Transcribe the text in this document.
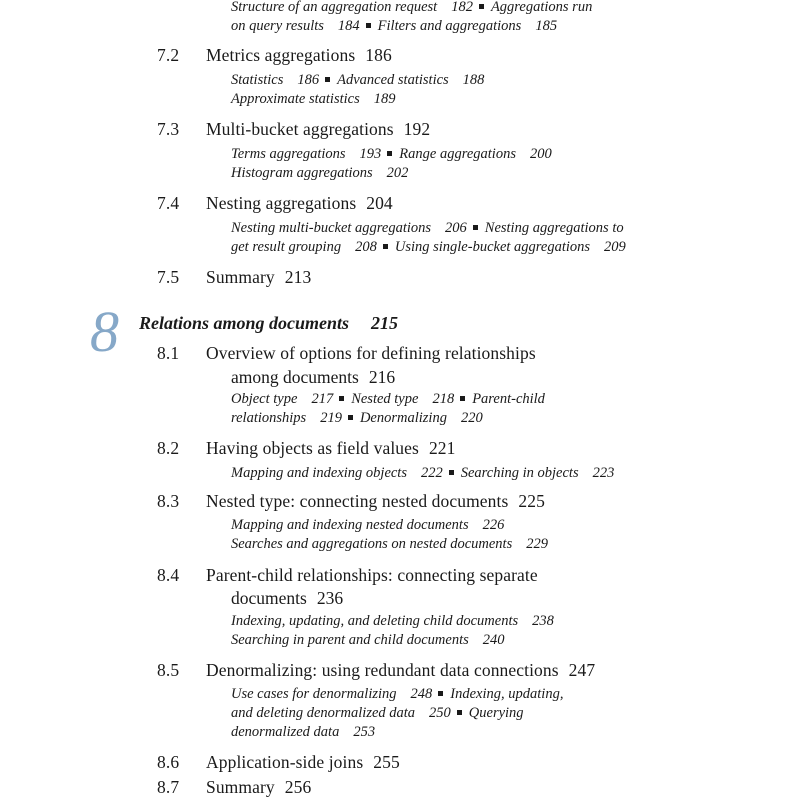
Structure of an aggregation request 182 Aggregations run
on query results 184 Filters and aggregations 185
7.2 Metrics aggregations 186
Statistics 186 Advanced statistics 188
Approximate statistics 189
7.3 Multi-bucket aggregations 192
Terms aggregations 193 Range aggregations 200
Histogram aggregations 202
7.4 Nesting aggregations 204
Nesting multi-bucket aggregations 206 Nesting aggregations to
get result grouping 208 Using single-bucket aggregations 209
7.5 Summary 213
8 Relations among documents 215
8.1 Overview of options for defining relationships
among documents 216
Object type 217 Nested type 218 Parent-child
relationships 219 Denormalizing 220
8.2 Having objects as field values 221
Mapping and indexing objects 222 Searching in objects 223
8.3 Nested type: connecting nested documents 225
Mapping and indexing nested documents 226
Searches and aggregations on nested documents 229
8.4 Parent-child relationships: connecting separate
documents 236
Indexing, updating, and deleting child documents 238
Searching in parent and child documents 240
8.5 Denormalizing: using redundant data connections 247
Use cases for denormalizing 248 Indexing, updating,
and deleting denormalized data 250 Querying
denormalized data 253
8.6 Application-side joins 255
8.7 Summary 256
